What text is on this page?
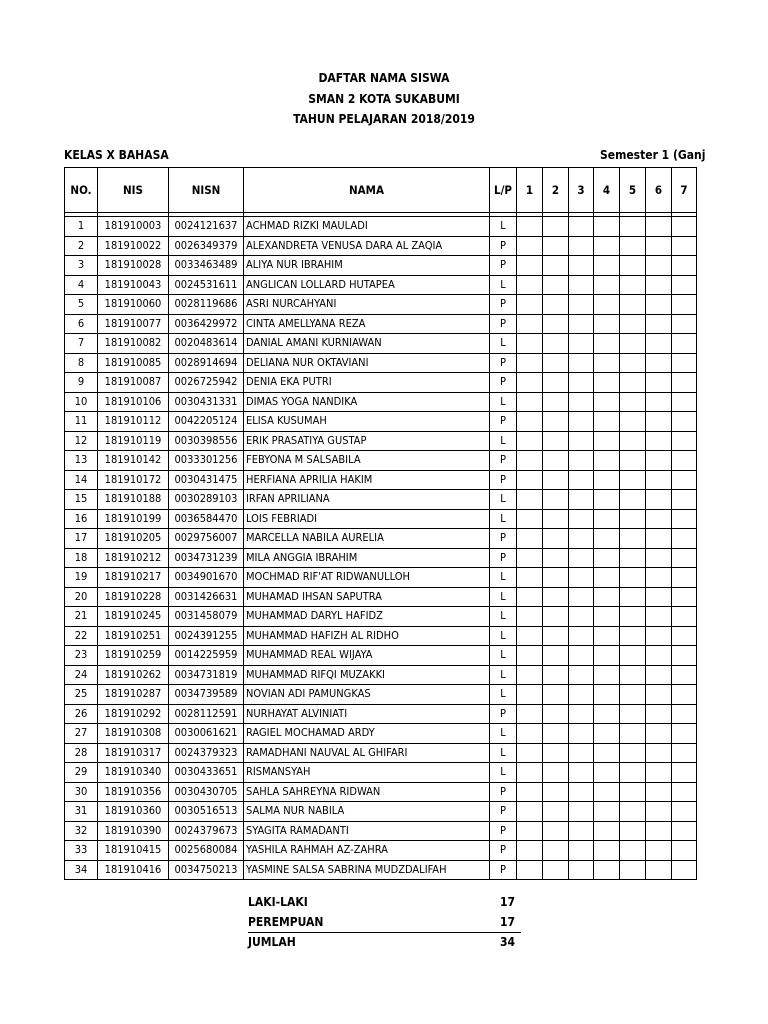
DAFTAR NAMA SISWA
SMAN 2 KOTA SUKABUMI
TAHUN PELAJARAN 2018/2019
KELAS X BAHASA	Semester 1 (Ganj
NO.	NIS	NISN	NAMA	L/P	1	2	3	4	5	6	7

1	181910003	0024121637	ACHMAD RIZKI MAULADI	L							
2	181910022	0026349379	ALEXANDRETA VENUSA DARA AL ZAQIA	P							
3	181910028	0033463489	ALIYA NUR IBRAHIM	P							
4	181910043	0024531611	ANGLICAN LOLLARD HUTAPEA	L							
5	181910060	0028119686	ASRI NURCAHYANI	P							
6	181910077	0036429972	CINTA AMELLYANA REZA	P							
7	181910082	0020483614	DANIAL AMANI KURNIAWAN	L							
8	181910085	0028914694	DELIANA NUR OKTAVIANI	P							
9	181910087	0026725942	DENIA EKA PUTRI	P							
10	181910106	0030431331	DIMAS YOGA NANDIKA	L							
11	181910112	0042205124	ELISA KUSUMAH	P							
12	181910119	0030398556	ERIK PRASATIYA GUSTAP	L							
13	181910142	0033301256	FEBYONA M SALSABILA	P							
14	181910172	0030431475	HERFIANA APRILIA HAKIM	P							
15	181910188	0030289103	IRFAN APRILIANA	L							
16	181910199	0036584470	LOIS FEBRIADI	L							
17	181910205	0029756007	MARCELLA NABILA AURELIA	P							
18	181910212	0034731239	MILA ANGGIA IBRAHIM	P							
19	181910217	0034901670	MOCHMAD RIF'AT RIDWANULLOH	L							
20	181910228	0031426631	MUHAMAD IHSAN SAPUTRA	L							
21	181910245	0031458079	MUHAMMAD DARYL HAFIDZ	L							
22	181910251	0024391255	MUHAMMAD HAFIZH AL RIDHO	L							
23	181910259	0014225959	MUHAMMAD REAL WIJAYA	L							
24	181910262	0034731819	MUHAMMAD RIFQI MUZAKKI	L							
25	181910287	0034739589	NOVIAN ADI PAMUNGKAS	L							
26	181910292	0028112591	NURHAYAT ALVINIATI	P							
27	181910308	0030061621	RAGIEL MOCHAMAD ARDY	L							
28	181910317	0024379323	RAMADHANI NAUVAL AL GHIFARI	L							
29	181910340	0030433651	RISMANSYAH	L							
30	181910356	0030430705	SAHLA SAHREYNA RIDWAN	P							
31	181910360	0030516513	SALMA NUR NABILA	P							
32	181910390	0024379673	SYAGITA RAMADANTI	P							
33	181910415	0025680084	YASHILA RAHMAH AZ-ZAHRA	P							
34	181910416	0034750213	YASMINE SALSA SABRINA MUDZDALIFAH	P							
LAKI-LAKI	17
PEREMPUAN	17
JUMLAH	34
